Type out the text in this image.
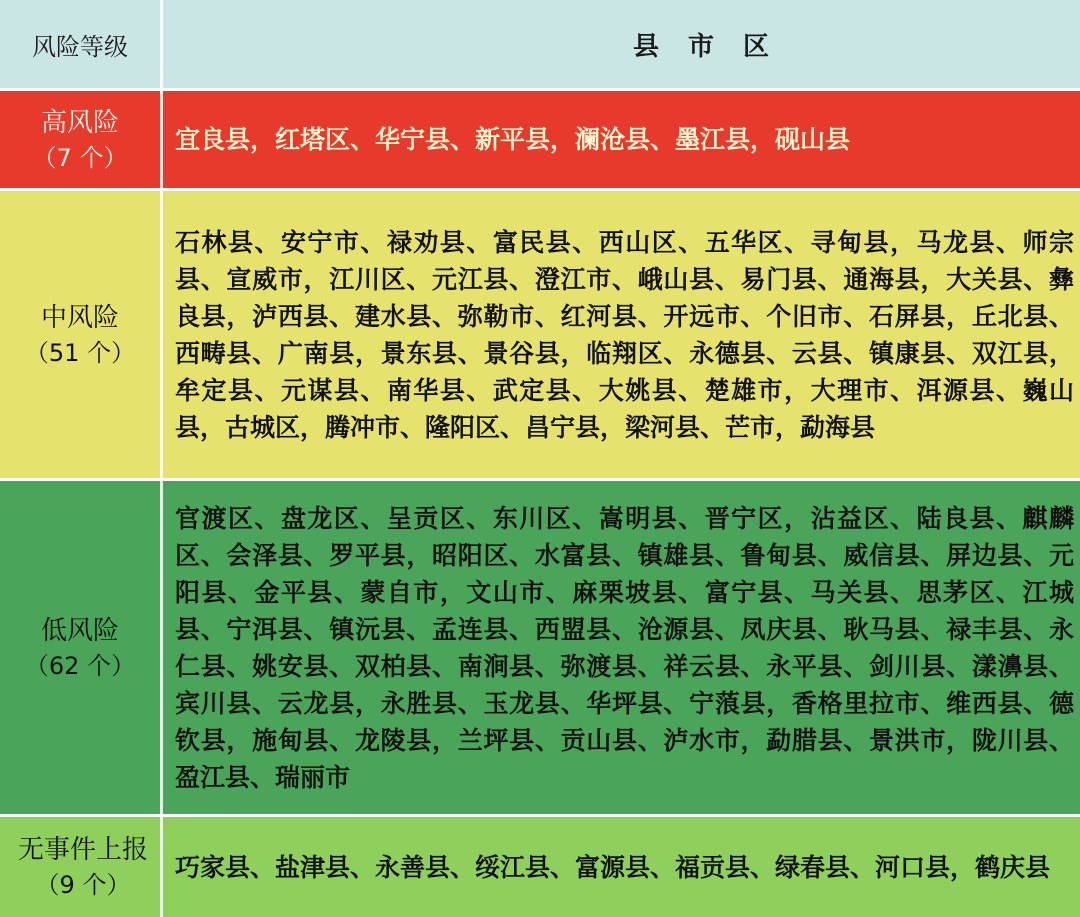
风险等级	县 市 区
高风险
（7 个）
宜良县，红塔区、华宁县、新平县，澜沧县、墨江县，砚山县
中风险
（51 个）
石林县、安宁市、禄劝县、富民县、西山区、五华区、寻甸县，马龙县、师宗县、宣威市，江川区、元江县、澄江市、峨山县、易门县、通海县，大关县、彝良县，泸西县、建水县、弥勒市、红河县、开远市、个旧市、石屏县，丘北县、西畴县、广南县，景东县、景谷县，临翔区、永德县、云县、镇康县、双江县，牟定县、元谋县、南华县、武定县、大姚县、楚雄市，大理市、洱源县、巍山县，古城区，腾冲市、隆阳区、昌宁县，梁河县、芒市，勐海县
低风险
（62 个）
官渡区、盘龙区、呈贡区、东川区、嵩明县、晋宁区，沾益区、陆良县、麒麟区、会泽县、罗平县，昭阳区、水富县、镇雄县、鲁甸县、威信县、屏边县、元阳县、金平县、蒙自市，文山市、麻栗坡县、富宁县、马关县、思茅区、江城县、宁洱县、镇沅县、孟连县、西盟县、沧源县、凤庆县、耿马县、禄丰县、永仁县、姚安县、双柏县、南涧县、弥渡县、祥云县、永平县、剑川县、漾濞县、宾川县、云龙县，永胜县、玉龙县、华坪县、宁蒗县，香格里拉市、维西县、德钦县，施甸县、龙陵县，兰坪县、贡山县、泸水市，勐腊县、景洪市，陇川县、盈江县、瑞丽市
无事件上报
（9 个）
巧家县、盐津县、永善县、绥江县、富源县、福贡县、绿春县、河口县，鹤庆县
